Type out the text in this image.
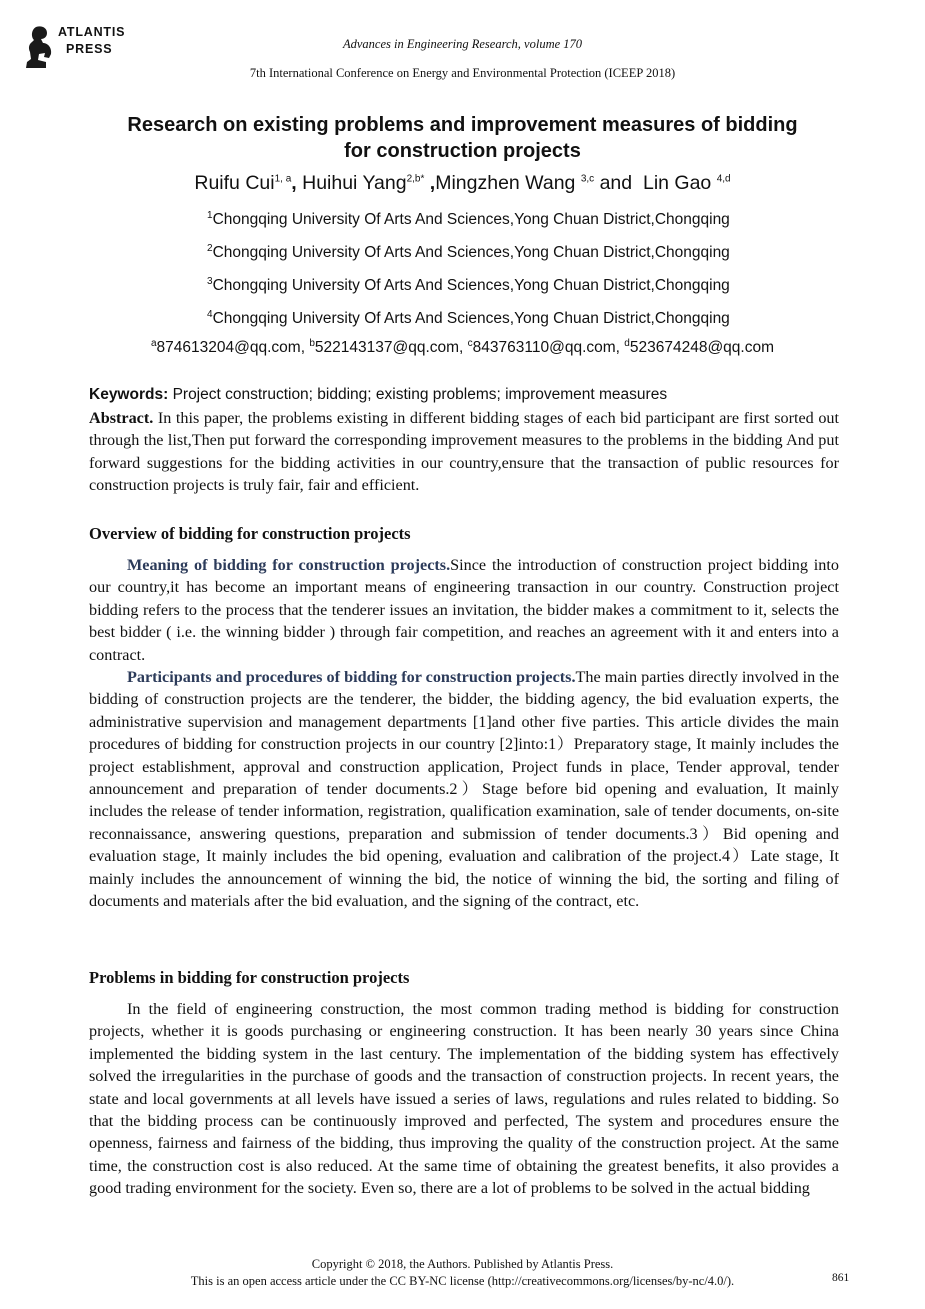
ATLANTIS
PRESS	Advances in Engineering Research, volume 170
7th International Conference on Energy and Environmental Protection (ICEEP 2018)
Research on existing problems and improvement measures of bidding
for construction projects
Ruifu Cui$^{1, a}$, Huihui Yang$^{2,b*}$ ,Mingzhen Wang $^{3,c}$ and Lin Gao $^{4,d}$
$^1$Chongqing University Of Arts And Sciences,Yong Chuan District,Chongqing
$^2$Chongqing University Of Arts And Sciences,Yong Chuan District,Chongqing
$^3$Chongqing University Of Arts And Sciences,Yong Chuan District,Chongqing
$^4$Chongqing University Of Arts And Sciences,Yong Chuan District,Chongqing
$^a$874613204@qq.com, $^b$522143137@qq.com, $^c$843763110@qq.com, $^d$523674248@qq.com
Keywords: Project construction; bidding; existing problems; improvement measures
Abstract. In this paper, the problems existing in different bidding stages of each bid participant are first sorted out through the list,Then put forward the corresponding improvement measures to the problems in the bidding And put forward suggestions for the bidding activities in our country,ensure that the transaction of public resources for construction projects is truly fair, fair and efficient.
Overview of bidding for construction projects
Meaning of bidding for construction projects.Since the introduction of construction project bidding into our country,it has become an important means of engineering transaction in our country. Construction project bidding refers to the process that the tenderer issues an invitation, the bidder makes a commitment to it, selects the best bidder ( i.e. the winning bidder ) through fair competition, and reaches an agreement with it and enters into a contract.
Participants and procedures of bidding for construction projects.The main parties directly involved in the bidding of construction projects are the tenderer, the bidder, the bidding agency, the bid evaluation experts, the administrative supervision and management departments [1]and other five parties. This article divides the main procedures of bidding for construction projects in our country [2]into:1）Preparatory stage, It mainly includes the project establishment, approval and construction application, Project funds in place, Tender approval, tender announcement and preparation of tender documents.2）Stage before bid opening and evaluation, It mainly includes the release of tender information, registration, qualification examination, sale of tender documents, on-site reconnaissance, answering questions, preparation and submission of tender documents.3）Bid opening and evaluation stage, It mainly includes the bid opening, evaluation and calibration of the project.4）Late stage, It mainly includes the announcement of winning the bid, the notice of winning the bid, the sorting and filing of documents and materials after the bid evaluation, and the signing of the contract, etc.
Problems in bidding for construction projects
In the field of engineering construction, the most common trading method is bidding for construction projects, whether it is goods purchasing or engineering construction. It has been nearly 30 years since China implemented the bidding system in the last century. The implementation of the bidding system has effectively solved the irregularities in the purchase of goods and the transaction of construction projects. In recent years, the state and local governments at all levels have issued a series of laws, regulations and rules related to bidding. So that the bidding process can be continuously improved and perfected, The system and procedures ensure the openness, fairness and fairness of the bidding, thus improving the quality of the construction project. At the same time, the construction cost is also reduced. At the same time of obtaining the greatest benefits, it also provides a good trading environment for the society. Even so, there are a lot of problems to be solved in the actual bidding
Copyright © 2018, the Authors. Published by Atlantis Press.
This is an open access article under the CC BY-NC license (http://creativecommons.org/licenses/by-nc/4.0/).	861
